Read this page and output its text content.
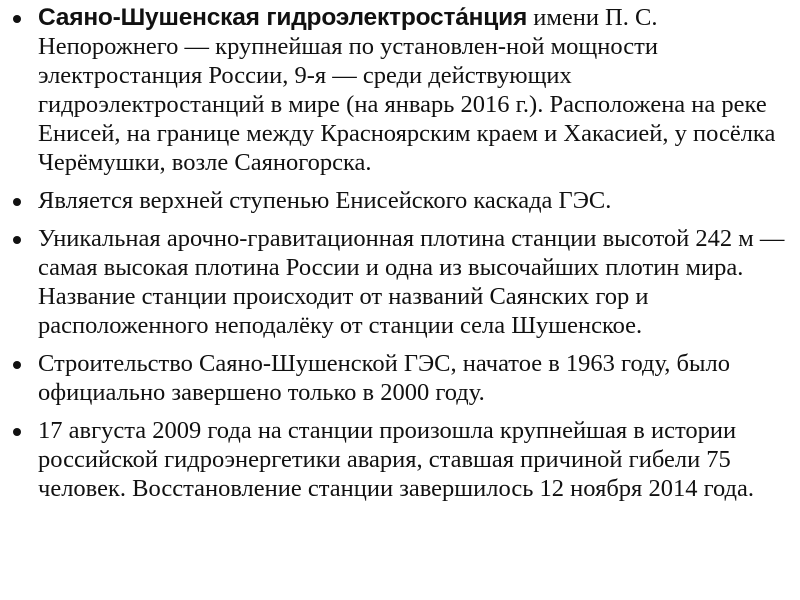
Саяно-Шушенская гидроэлектроста́нция имени П. С. Непорожнего — крупнейшая по установлен-ной мощности электростанция России, 9-я — среди действующих гидроэлектростанций в мире (на январь 2016 г.). Расположена на реке Енисей, на границе между Красноярским краем и Хакасией, у посёлка Черёмушки, возле Саяногорска.
Является верхней ступенью Енисейского каскада ГЭС.
Уникальная арочно-гравитационная плотина станции высотой 242 м — самая высокая плотина России и одна из высочайших плотин мира. Название станции происходит от названий Саянских гор и расположенного неподалёку от станции села Шушенское.
Строительство Саяно-Шушенской ГЭС, начатое в 1963 году, было официально завершено только в 2000 году.
17 августа 2009 года на станции произошла крупнейшая в истории российской гидроэнергетики авария, ставшая причиной гибели 75 человек. Восстановление станции завершилось 12 ноября 2014 года.
